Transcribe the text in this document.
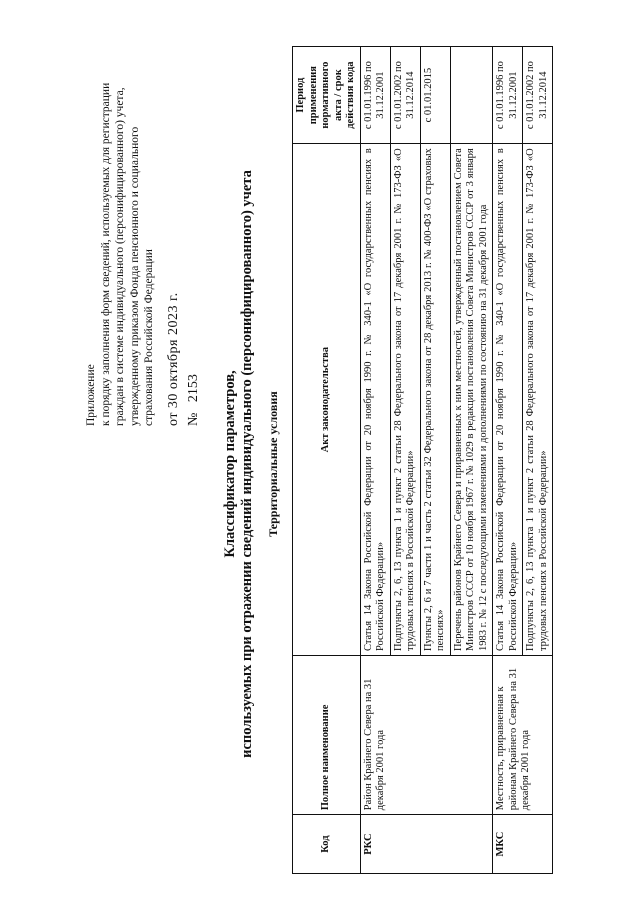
Приложение к порядку заполнения форм сведений, используемых для регистрации граждан в системе индивидуального (персонифицированного) учета, утвержденному приказом Фонда пенсионного и социального страхования Российской Федерации от 30 октября 2023 г.
№   2153 Классификатор параметров, используемых при отражении сведений индивидуального (персонифицированного) учета Территориальные условия
Код	Полное наименование	Акт законодательства	Период применения нормативного акта / срок действия кода
РКС	Район Крайнего Севера на 31 декабря 2001 года	Статья 14 Закона Российской Федерации от 20 ноября 1990 г. № 340-1 «О государственных пенсиях в Российской Федерации»	с 01.01.1996 по 31.12.2001
		Подпункты 2, 6, 13 пункта 1 и пункт 2 статьи 28 Федерального закона от 17 декабря 2001 г. № 173-ФЗ «О трудовых пенсиях в Российской Федерации»	с 01.01.2002 по 31.12.2014
		Пункты 2, 6 и 7 части 1 и часть 2 статьи 32 Федерального закона от 28 декабря 2013 г. № 400-ФЗ «О страховых пенсиях»	с 01.01.2015
		Перечень районов Крайнего Севера и приравненных к ним местностей, утвержденный постановлением Совета Министров СССР от 10 ноября 1967 г. № 1029 в редакции постановления Совета Министров СССР от 3 января 1983 г. № 12 с последующими изменениями и дополнениями по состоянию на 31 декабря 2001 года	
МКС	Местность, приравненная к районам Крайнего Севера на 31 декабря 2001 года	Статья 14 Закона Российской Федерации от 20 ноября 1990 г. № 340-1 «О государственных пенсиях в Российской Федерации»	с 01.01.1996 по 31.12.2001
		Подпункты 2, 6, 13 пункта 1 и пункт 2 статьи 28 Федерального закона от 17 декабря 2001 г. № 173-ФЗ «О трудовых пенсиях в Российской Федерации»	с 01.01.2002 по 31.12.2014
